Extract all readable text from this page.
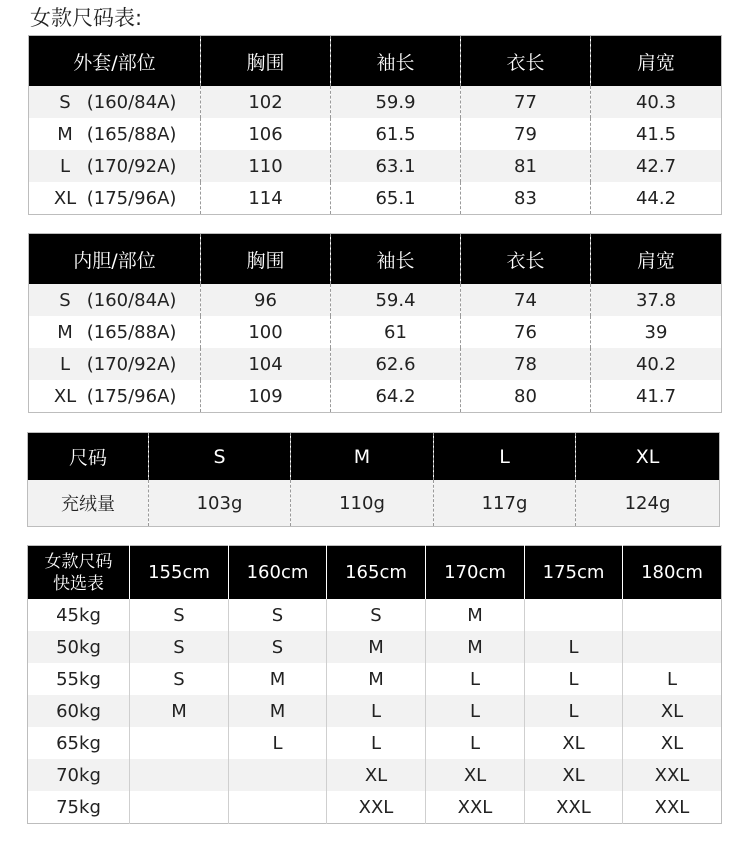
女款尺码表:
外套/部位	胸围	袖长	衣长	肩宽
S (160/84A)	102	59.9	77	40.3
M (165/88A)	106	61.5	79	41.5
L (170/92A)	110	63.1	81	42.7
XL (175/96A)	114	65.1	83	44.2
内胆/部位	胸围	袖长	衣长	肩宽
S (160/84A)	96	59.4	74	37.8
M (165/88A)	100	61	76	39
L (170/92A)	104	62.6	78	40.2
XL (175/96A)	109	64.2	80	41.7
尺码	S	M	L	XL
充绒量	103g	110g	117g	124g
女款尺码
快选表	155cm	160cm	165cm	170cm	175cm	180cm
45kg	S	S	S	M		
50kg	S	S	M	M	L	
55kg	S	M	M	L	L	L
60kg	M	M	L	L	L	XL
65kg		L	L	L	XL	XL
70kg			XL	XL	XL	XXL
75kg			XXL	XXL	XXL	XXL
